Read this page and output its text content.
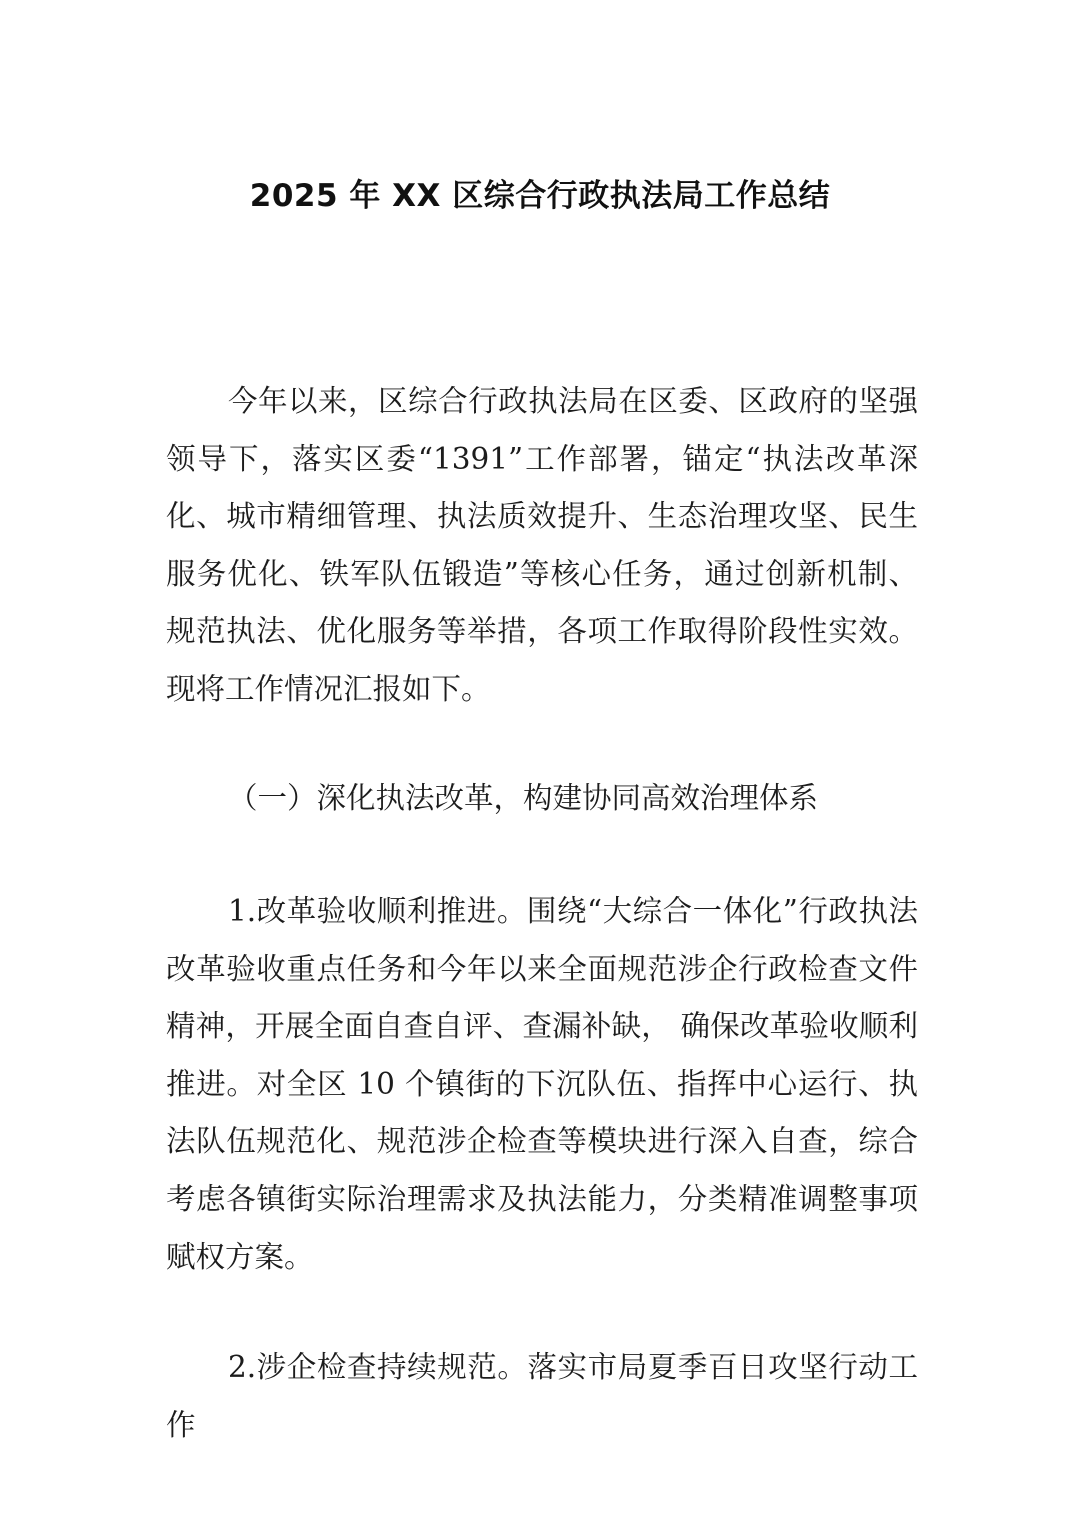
2025 年 XX 区综合行政执法局工作总结

今年以来，区综合行政执法局在区委、区政府的坚强领导下，落实区委“1391”工作部署，锚定“执法改革深化、城市精细管理、执法质效提升、生态治理攻坚、民生服务优化、铁军队伍锻造”等核心任务，通过创新机制、规范执法、优化服务等举措，各项工作取得阶段性实效。现将工作情况汇报如下。

（一）深化执法改革，构建协同高效治理体系

1.改革验收顺利推进。围绕“大综合一体化”行政执法改革验收重点任务和今年以来全面规范涉企行政检查文件精神，开展全面自查自评、查漏补缺， 确保改革验收顺利推进。对全区 10 个镇街的下沉队伍、指挥中心运行、执法队伍规范化、规范涉企检查等模块进行深入自查，综合考虑各镇街实际治理需求及执法能力，分类精准调整事项赋权方案。

2.涉企检查持续规范。落实市局夏季百日攻坚行动工作
